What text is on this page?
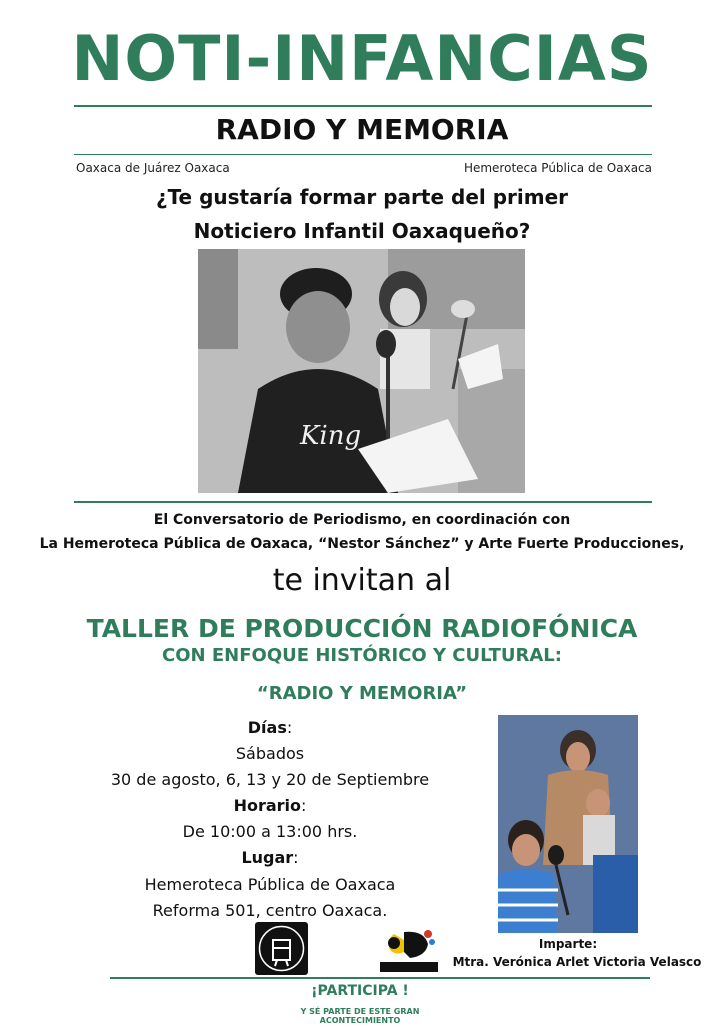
NOTI-INFANCIAS
RADIO Y MEMORIA
Oaxaca de Juárez Oaxaca	Hemeroteca Pública de Oaxaca
¿Te gustaría formar parte del primer
Noticiero Infantil Oaxaqueño?
King
El Conversatorio de Periodismo, en coordinación con
La Hemeroteca Pública de Oaxaca, “Nestor Sánchez” y Arte Fuerte Producciones,
te invitan al
TALLER DE PRODUCCIÓN RADIOFÓNICA
CON ENFOQUE HISTÓRICO Y CULTURAL:
“RADIO Y MEMORIA”
Días:
Sábados
30 de agosto, 6, 13 y 20 de Septiembre
Horario:
De 10:00 a 13:00 hrs.
Lugar:
Hemeroteca Pública de Oaxaca
Reforma 501, centro Oaxaca.
Imparte:
Mtra. Verónica Arlet Victoria Velasco
¡PARTICIPA !
Y SÉ PARTE DE ESTE GRAN ACONTECIMIENTO
